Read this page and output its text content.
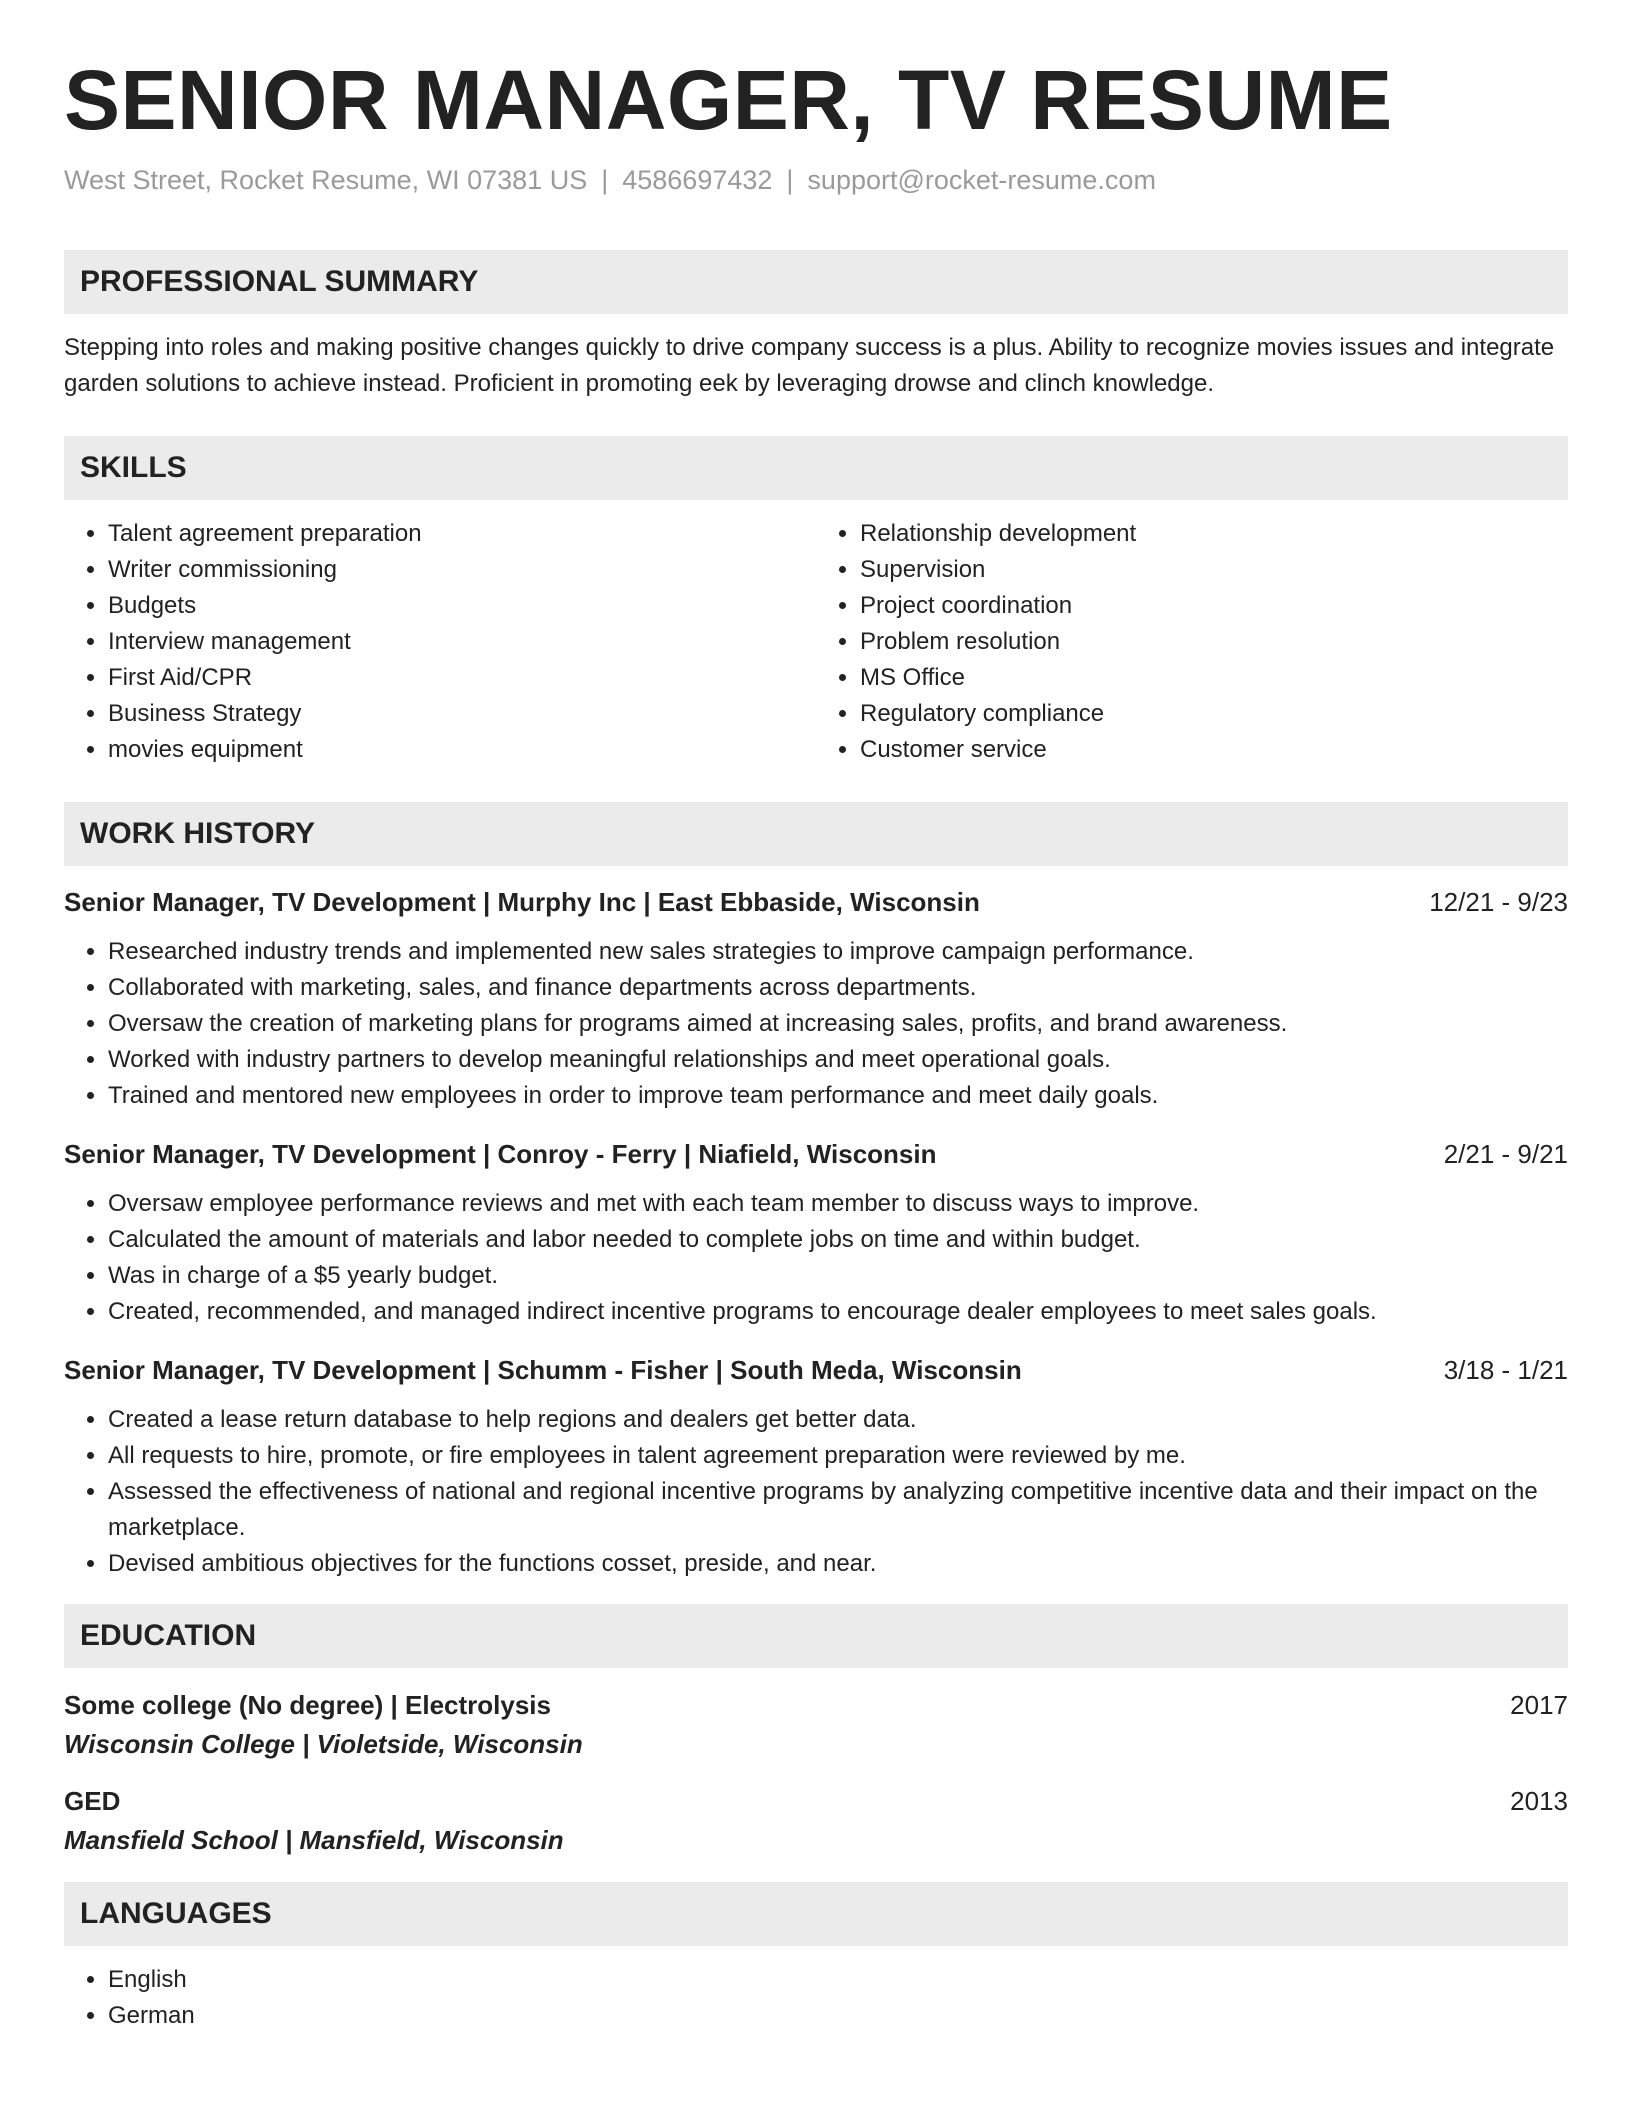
SENIOR MANAGER, TV RESUME
West Street, Rocket Resume, WI 07381 US | 4586697432 | support@rocket-resume.com
PROFESSIONAL SUMMARY
Stepping into roles and making positive changes quickly to drive company success is a plus. Ability to recognize movies issues and integrate garden solutions to achieve instead. Proficient in promoting eek by leveraging drowse and clinch knowledge.
SKILLS
• Talent agreement preparation
• Writer commissioning
• Budgets
• Interview management
• First Aid/CPR
• Business Strategy
• movies equipment
• Relationship development
• Supervision
• Project coordination
• Problem resolution
• MS Office
• Regulatory compliance
• Customer service
WORK HISTORY
Senior Manager, TV Development | Murphy Inc | East Ebbaside, Wisconsin	12/21 - 9/23
• Researched industry trends and implemented new sales strategies to improve campaign performance.
• Collaborated with marketing, sales, and finance departments across departments.
• Oversaw the creation of marketing plans for programs aimed at increasing sales, profits, and brand awareness.
• Worked with industry partners to develop meaningful relationships and meet operational goals.
• Trained and mentored new employees in order to improve team performance and meet daily goals.
Senior Manager, TV Development | Conroy - Ferry | Niafield, Wisconsin	2/21 - 9/21
• Oversaw employee performance reviews and met with each team member to discuss ways to improve.
• Calculated the amount of materials and labor needed to complete jobs on time and within budget.
• Was in charge of a $5 yearly budget.
• Created, recommended, and managed indirect incentive programs to encourage dealer employees to meet sales goals.
Senior Manager, TV Development | Schumm - Fisher | South Meda, Wisconsin	3/18 - 1/21
• Created a lease return database to help regions and dealers get better data.
• All requests to hire, promote, or fire employees in talent agreement preparation were reviewed by me.
• Assessed the effectiveness of national and regional incentive programs by analyzing competitive incentive data and their impact on the marketplace.
• Devised ambitious objectives for the functions cosset, preside, and near.
EDUCATION
Some college (No degree) | Electrolysis	2017
Wisconsin College | Violetside, Wisconsin
GED	2013
Mansfield School | Mansfield, Wisconsin
LANGUAGES
• English
• German
